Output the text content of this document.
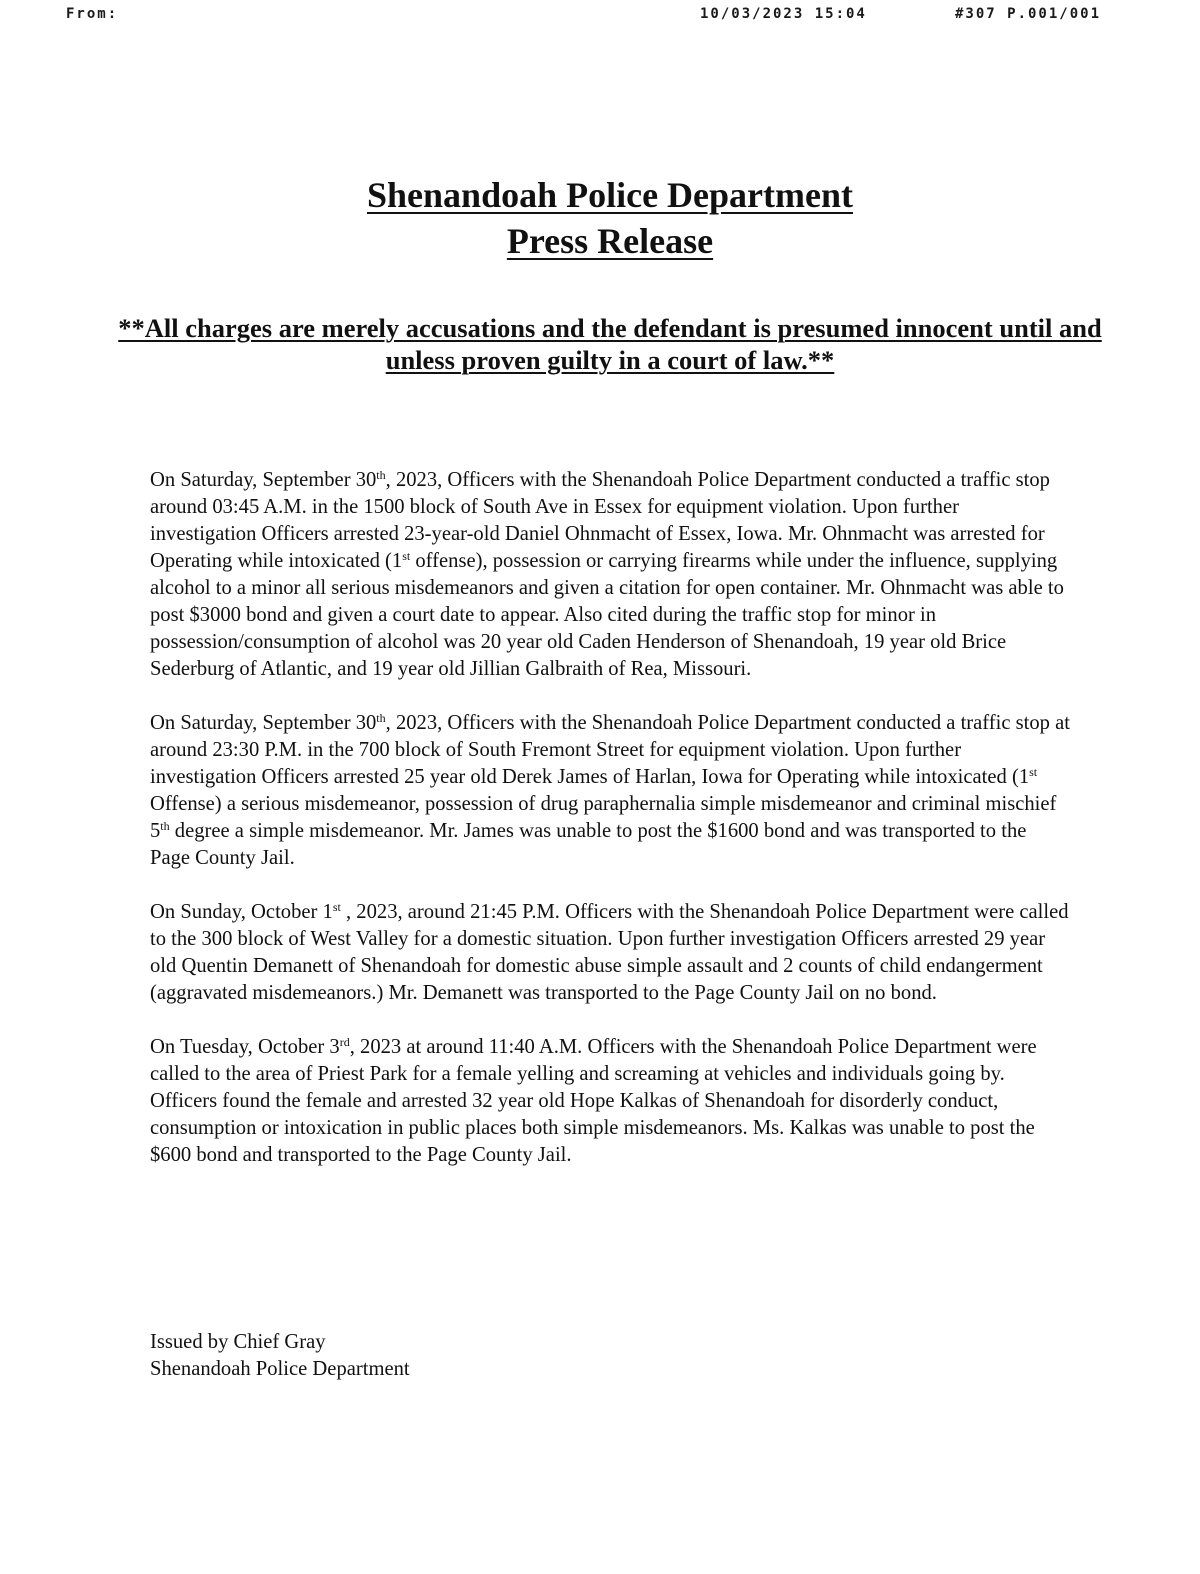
From:	10/03/2023 15:04	#307 P.001/001
Shenandoah Police Department
Press Release
**All charges are merely accusations and the defendant is presumed innocent until and unless proven guilty in a court of law.**

On Saturday, September 30th, 2023, Officers with the Shenandoah Police Department conducted a traffic stop around 03:45 A.M. in the 1500 block of South Ave in Essex for equipment violation. Upon further investigation Officers arrested 23-year-old Daniel Ohnmacht of Essex, Iowa. Mr. Ohnmacht was arrested for Operating while intoxicated (1st offense), possession or carrying firearms while under the influence, supplying alcohol to a minor all serious misdemeanors and given a citation for open container. Mr. Ohnmacht was able to post $3000 bond and given a court date to appear. Also cited during the traffic stop for minor in possession/consumption of alcohol was 20 year old Caden Henderson of Shenandoah, 19 year old Brice Sederburg of Atlantic, and 19 year old Jillian Galbraith of Rea, Missouri.

On Saturday, September 30th, 2023, Officers with the Shenandoah Police Department conducted a traffic stop at around 23:30 P.M. in the 700 block of South Fremont Street for equipment violation. Upon further investigation Officers arrested 25 year old Derek James of Harlan, Iowa for Operating while intoxicated (1st Offense) a serious misdemeanor, possession of drug paraphernalia simple misdemeanor and criminal mischief 5th degree a simple misdemeanor. Mr. James was unable to post the $1600 bond and was transported to the Page County Jail.

On Sunday, October 1st , 2023, around 21:45 P.M. Officers with the Shenandoah Police Department were called to the 300 block of West Valley for a domestic situation. Upon further investigation Officers arrested 29 year old Quentin Demanett of Shenandoah for domestic abuse simple assault and 2 counts of child endangerment (aggravated misdemeanors.) Mr. Demanett was transported to the Page County Jail on no bond.

On Tuesday, October 3rd, 2023 at around 11:40 A.M. Officers with the Shenandoah Police Department were called to the area of Priest Park for a female yelling and screaming at vehicles and individuals going by. Officers found the female and arrested 32 year old Hope Kalkas of Shenandoah for disorderly conduct, consumption or intoxication in public places both simple misdemeanors. Ms. Kalkas was unable to post the $600 bond and transported to the Page County Jail.

Issued by Chief Gray
Shenandoah Police Department
